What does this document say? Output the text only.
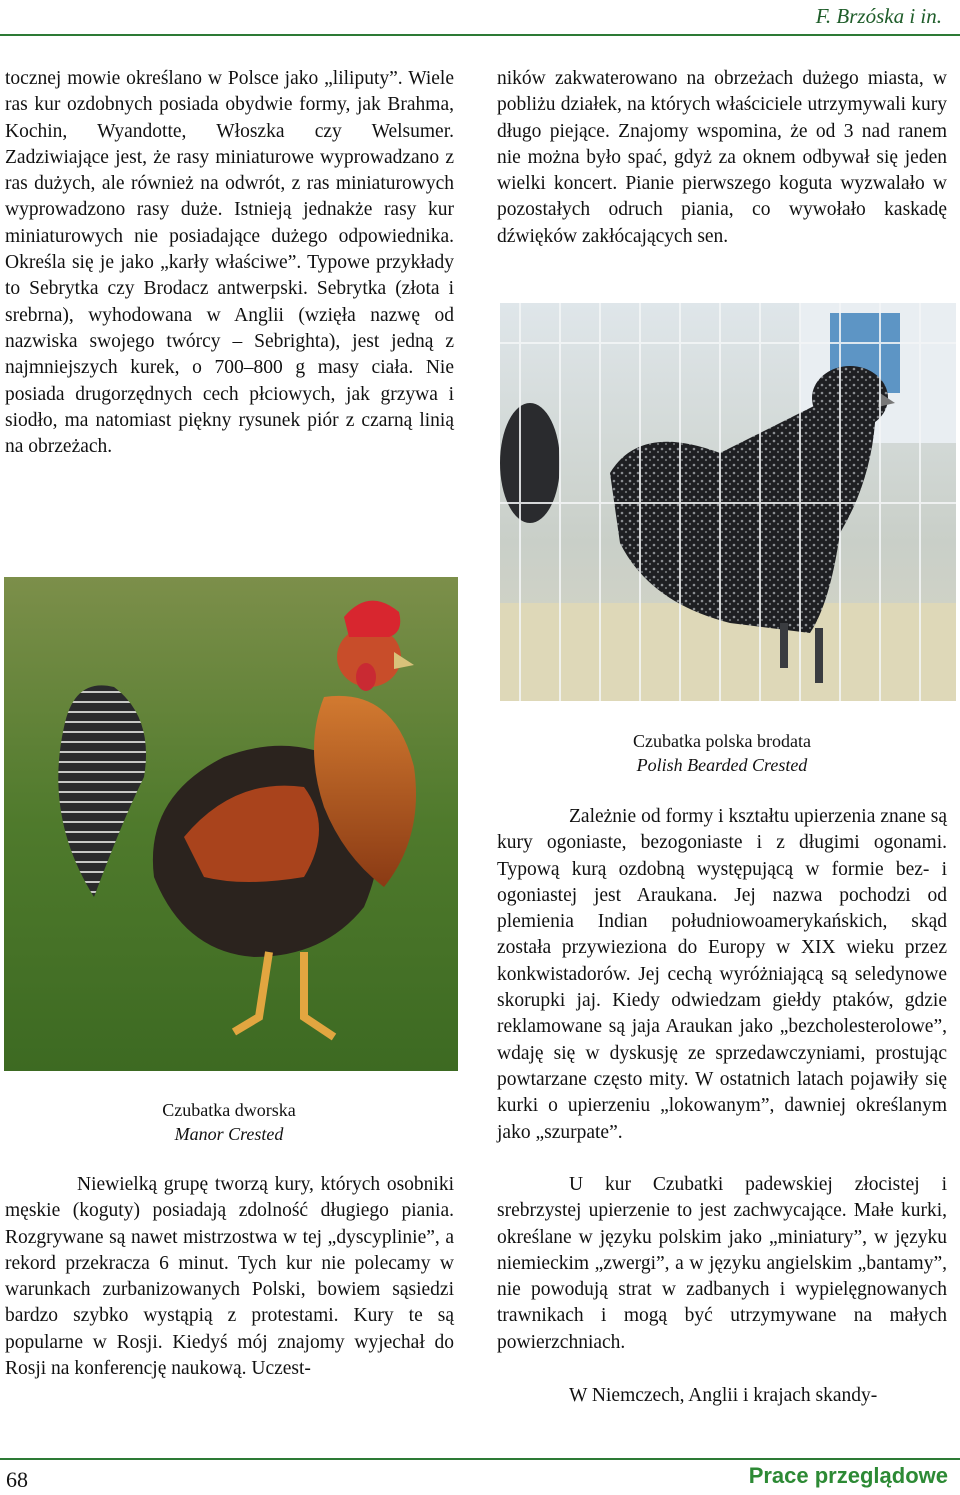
F. Brzóska i in.

tocznej mowie określano w Polsce jako „liliputy”. Wiele ras kur ozdobnych posiada obydwie formy, jak Brahma, Kochin, Wyandotte, Włoszka czy Welsumer. Zadziwiające jest, że rasy miniaturowe wyprowadzano z ras dużych, ale również na odwrót, z ras miniaturowych wyprowadzono rasy duże. Istnieją jednakże rasy kur miniaturowych nie posiadające dużego odpowiednika. Określa się je jako „karły właściwe”. Typowe przykłady to Sebrytka czy Brodacz antwerpski. Sebrytka (złota i srebrna), wyhodowana w Anglii (wzięła nazwę od nazwiska swojego twórcy – Sebrighta), jest jedną z najmniejszych kurek, o 700–800 g masy ciała. Nie posiada drugorzędnych cech płciowych, jak grzywa i siodło, ma natomiast piękny rysunek piór z czarną linią na obrzeżach.

ników zakwaterowano na obrzeżach dużego miasta, w pobliżu działek, na których właściciele utrzymywali kury długo piejące. Znajomy wspomina, że od 3 nad ranem nie można było spać, gdyż za oknem odbywał się jeden wielki koncert. Pianie pierwszego koguta wyzwalało w pozostałych odruch piania, co wywołało kaskadę dźwięków zakłócających sen.

Czubatka polska brodata
Polish Bearded Crested
Czubatka dworska
Manor Crested

Niewielką grupę tworzą kury, których osobniki męskie (koguty) posiadają zdolność długiego piania. Rozgrywane są nawet mistrzostwa w tej „dyscyplinie”, a rekord przekracza 6 minut. Tych kur nie polecamy w warunkach zurbanizowanych Polski, bowiem sąsiedzi bardzo szybko wystąpią z protestami. Kury te są popularne w Rosji. Kiedyś mój znajomy wyjechał do Rosji na konferencję naukową. Uczest-

Zależnie od formy i kształtu upierzenia znane są kury ogoniaste, bezogoniaste i z długimi ogonami. Typową kurą ozdobną występującą w formie bez- i ogoniastej jest Araukana. Jej nazwa pochodzi od plemienia Indian południowoamerykańskich, skąd została przywieziona do Europy w XIX wieku przez konkwistadorów. Jej cechą wyróżniającą są seledynowe skorupki jaj. Kiedy odwiedzam giełdy ptaków, gdzie reklamowane są jaja Araukan jako „bezcholesterolowe”, wdaję się w dyskusję ze sprzedawczyniami, prostując powtarzane często mity. W ostatnich latach pojawiły się kurki o upierzeniu „lokowanym”, dawniej określanym jako „szurpate”.

U kur Czubatki padewskiej złocistej i srebrzystej upierzenie to jest zachwycające. Małe kurki, określane w języku polskim jako „miniatury”, w języku niemieckim „zwergi”, a w języku angielskim „bantamy”, nie powodują strat w zadbanych i wypielęgnowanych trawnikach i mogą być utrzymywane na małych powierzchniach.

W Niemczech, Anglii i krajach skandy-

68	Prace przeglądowe
